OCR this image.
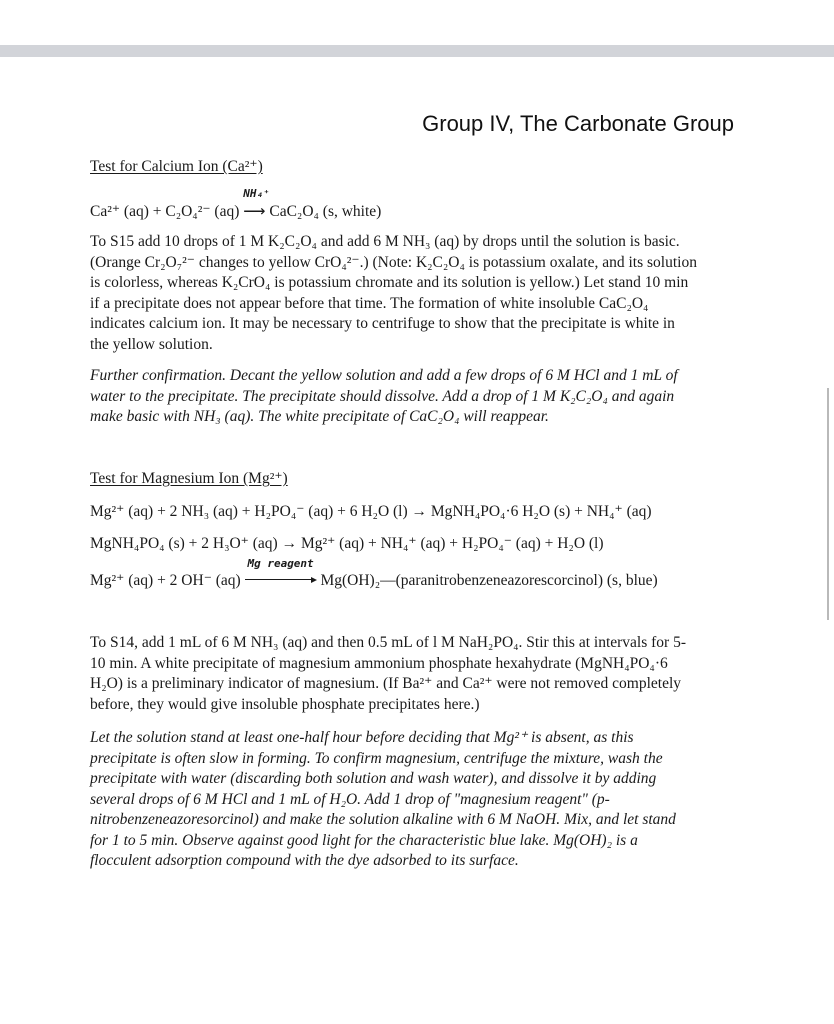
Group IV, The Carbonate Group
Test for Calcium Ion (Ca²⁺)
Ca²⁺ (aq) + C₂O₄²⁻ (aq)
NH₄⁺
⟶ CaC₂O₄ (s, white)
To S15 add 10 drops of 1 M K₂C₂O₄ and add 6 M NH₃ (aq) by drops until the solution is basic.
(Orange Cr₂O₇²⁻ changes to yellow CrO₄²⁻.) (Note: K₂C₂O₄ is potassium oxalate, and its solution
is colorless, whereas K₂CrO₄ is potassium chromate and its solution is yellow.) Let stand 10 min
if a precipitate does not appear before that time. The formation of white insoluble CaC₂O₄
indicates calcium ion. It may be necessary to centrifuge to show that the precipitate is white in
the yellow solution.
Further confirmation. Decant the yellow solution and add a few drops of 6 M HCl and 1 mL of
water to the precipitate. The precipitate should dissolve. Add a drop of 1 M K₂C₂O₄ and again
make basic with NH₃ (aq). The white precipitate of CaC₂O₄ will reappear.
Test for Magnesium Ion (Mg²⁺)
Mg²⁺ (aq) + 2 NH₃ (aq) + H₂PO₄⁻ (aq) + 6 H₂O (l) → MgNH₄PO₄·6 H₂O (s) + NH₄⁺ (aq)
MgNH₄PO₄ (s) + 2 H₃O⁺ (aq) → Mg²⁺ (aq) + NH₄⁺ (aq) + H₂PO₄⁻ (aq) + H₂O (l)
Mg²⁺ (aq) + 2 OH⁻ (aq)
Mg reagent
Mg(OH)₂—(paranitrobenzeneazorescorcinol) (s, blue)
To S14, add 1 mL of 6 M NH₃ (aq) and then 0.5 mL of l M NaH₂PO₄. Stir this at intervals for 5-
10 min. A white precipitate of magnesium ammonium phosphate hexahydrate (MgNH₄PO₄·6
H₂O) is a preliminary indicator of magnesium. (If Ba²⁺ and Ca²⁺ were not removed completely
before, they would give insoluble phosphate precipitates here.)
Let the solution stand at least one-half hour before deciding that Mg²⁺ is absent, as this
precipitate is often slow in forming. To confirm magnesium, centrifuge the mixture, wash the
precipitate with water (discarding both solution and wash water), and dissolve it by adding
several drops of 6 M HCl and 1 mL of H₂O. Add 1 drop of "magnesium reagent" (p-
nitrobenzeneazoresorcinol) and make the solution alkaline with 6 M NaOH. Mix, and let stand
for 1 to 5 min. Observe against good light for the characteristic blue lake. Mg(OH)₂ is a
flocculent adsorption compound with the dye adsorbed to its surface.
